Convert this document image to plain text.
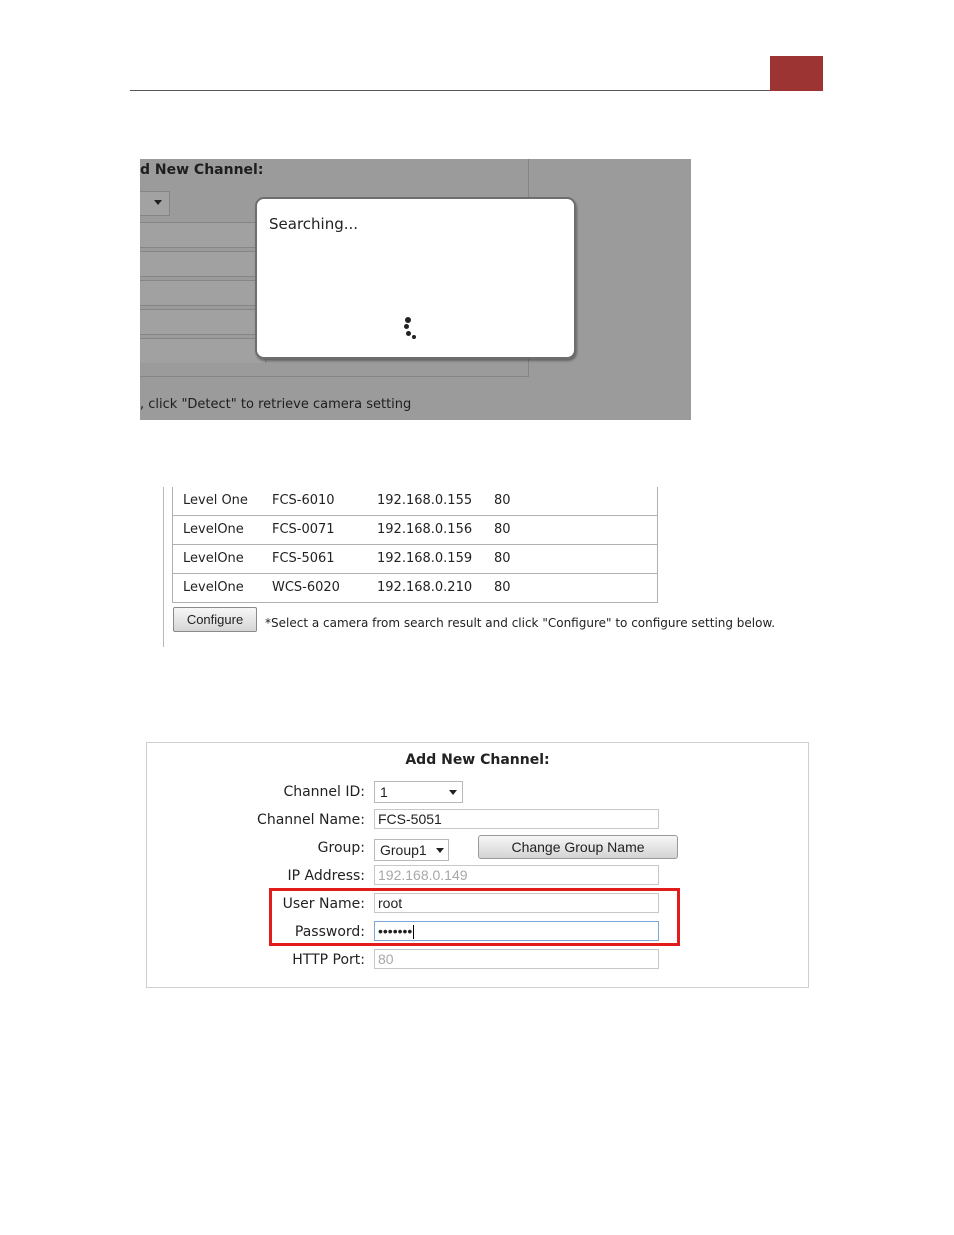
d New Channel:
, click "Detect" to retrieve camera setting
Searching...
Level One FCS-6010	192.168.0.155 80
LevelOne FCS-0071	192.168.0.156 80
LevelOne FCS-5061	192.168.0.159 80
LevelOne WCS-6020	192.168.0.210 80
Configure	*Select a camera from search result and click "Configure" to configure setting below.
Add New Channel:
Channel ID:	1
Channel Name: FCS-5051
Group:	Group1	Change Group Name
IP Address: 192.168.0.149
User Name: root
Password: •••••••
HTTP Port: 80
